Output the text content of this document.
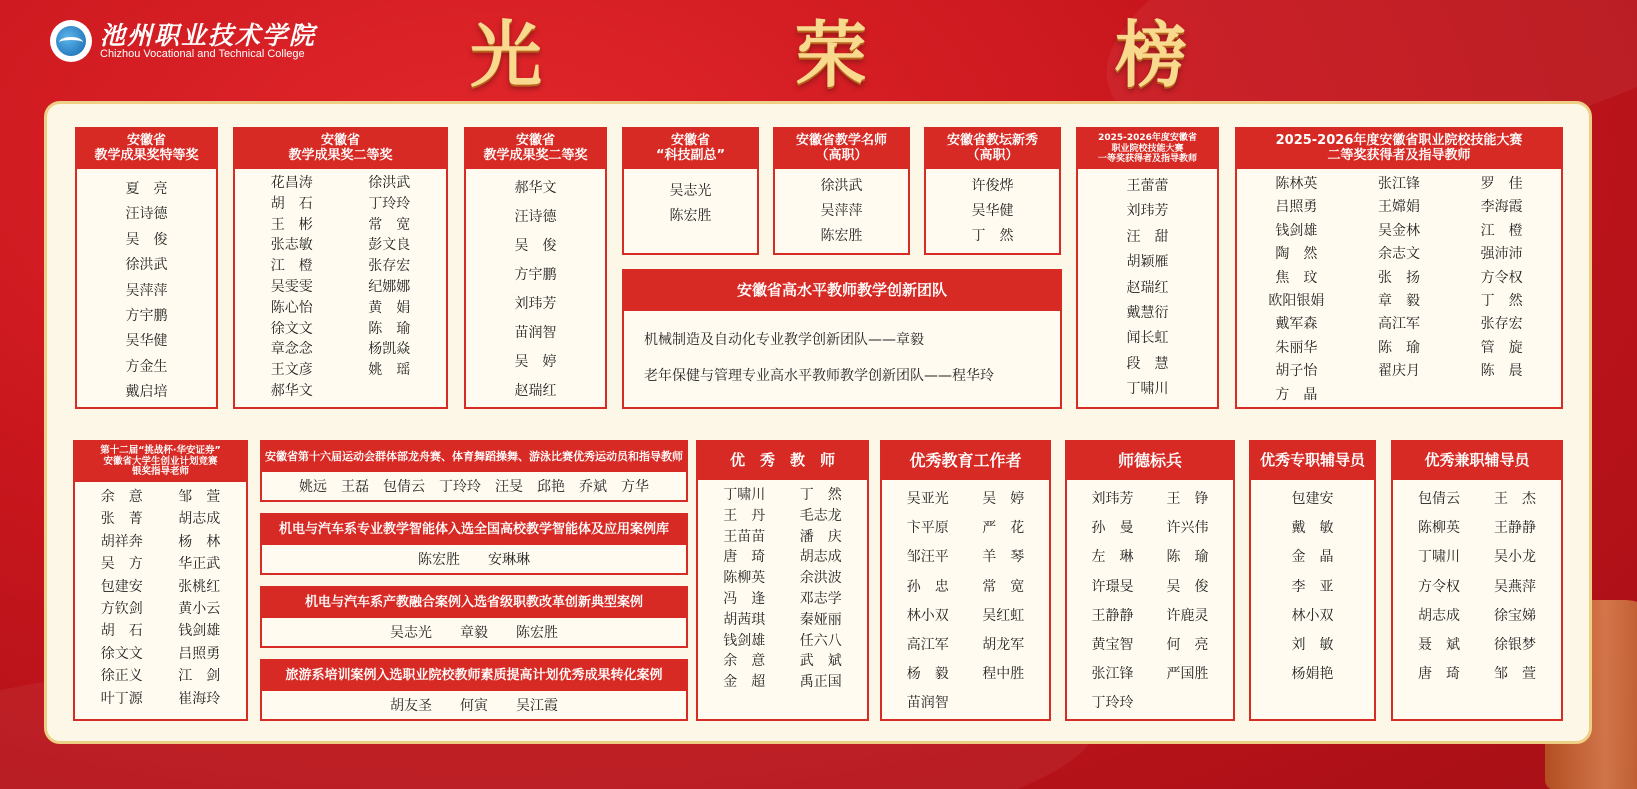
池州职业技术学院
Chizhou Vocational and Technical College 光	荣	榜
安徽省
教学成果奖特等奖
夏　亮
汪诗德
吴　俊
徐洪武
吴萍萍
方宇鹏
吴华健
方金生
戴启培
安徽省
教学成果奖二等奖
花昌涛	徐洪武
胡　石	丁玲玲
王　彬	常　宽
张志敏	彭文良
江　橙	张存宏
吴雯雯	纪娜娜
陈心怡	黄　娟
徐文文	陈　瑜
章念念	杨凯焱
王文彦	姚　瑶
郝华文
安徽省
教学成果奖二等奖
郝华文
汪诗德
吴　俊
方宇鹏
刘玮芳
苗润智
吴　婷
赵瑞红
安徽省
“科技副总”
吴志光
陈宏胜
安徽省教学名师
（高职）
徐洪武
吴萍萍
陈宏胜
安徽省教坛新秀
（高职）
许俊烨
吴华健
丁　然
2025-2026年度安徽省
职业院校技能大赛
一等奖获得者及指导教师
王蕾蕾
刘玮芳
汪　甜
胡颖雁
赵瑞红
戴慧衍
闻长虹
段　慧
丁啸川
2025-2026年度安徽省职业院校技能大赛
二等奖获得者及指导教师
陈林英	张江锋	罗　佳
吕照勇	王嫦娟	李海霞
钱剑雄	吴金林	江　橙
陶　然	余志文	强沛沛
焦　玟	张　扬	方令权
欧阳银娟	章　毅	丁　然
戴军森	高江军	张存宏
朱丽华	陈　瑜	管　旋
胡子怡	翟庆月	陈　晨
方　晶
安徽省高水平教师教学创新团队
机械制造及自动化专业教学创新团队——章毅
老年保健与管理专业高水平教师教学创新团队——程华玲
第十二届“挑战杯·华安证券”
安徽省大学生创业计划竞赛
银奖指导老师
余　意	邹　萱
张　菁	胡志成
胡祥奔	杨　林
吴　方	华正武
包建安	张桃红
方钦剑	黄小云
胡　石	钱剑雄
徐文文	吕照勇
徐正义	江　剑
叶丁源	崔海玲
安徽省第十六届运动会群体部龙舟赛、体育舞蹈操舞、游泳比赛优秀运动员和指导教师
姚远　王磊　包倩云　丁玲玲　汪旻　邱艳　乔斌　方华
机电与汽车系专业教学智能体入选全国高校教学智能体及应用案例库
陈宏胜　　安琳琳
机电与汽车系产教融合案例入选省级职教改革创新典型案例
吴志光　　章毅　　陈宏胜
旅游系培训案例入选职业院校教师素质提高计划优秀成果转化案例
胡友圣　　何寅　　吴江霞
优　秀　教　师
丁啸川	丁　然
王　丹	毛志龙
王苗苗	潘　庆
唐　琦	胡志成
陈柳英	余洪波
冯　逢	邓志学
胡茜琪	秦娅丽
钱剑雄	任六八
余　意	武　斌
金　超	禹正国
优秀教育工作者
吴亚光	吴　婷
卞平原	严　花
邹汪平	羊　琴
孙　忠	常　宽
林小双	吴红虹
高江军	胡龙军
杨　毅	程中胜
苗润智
师德标兵
刘玮芳	王　铮
孙　曼	许兴伟
左　琳	陈　瑜
许璟旻	吴　俊
王静静	许鹿灵
黄宝智	何　亮
张江锋	严国胜
丁玲玲
优秀专职辅导员
包建安
戴　敏
金　晶
李　亚
林小双
刘　敏
杨娟艳
优秀兼职辅导员
包倩云	王　杰
陈柳英	王静静
丁啸川	吴小龙
方令权	吴燕萍
胡志成	徐宝娣
聂　斌	徐银梦
唐　琦	邹　萱
